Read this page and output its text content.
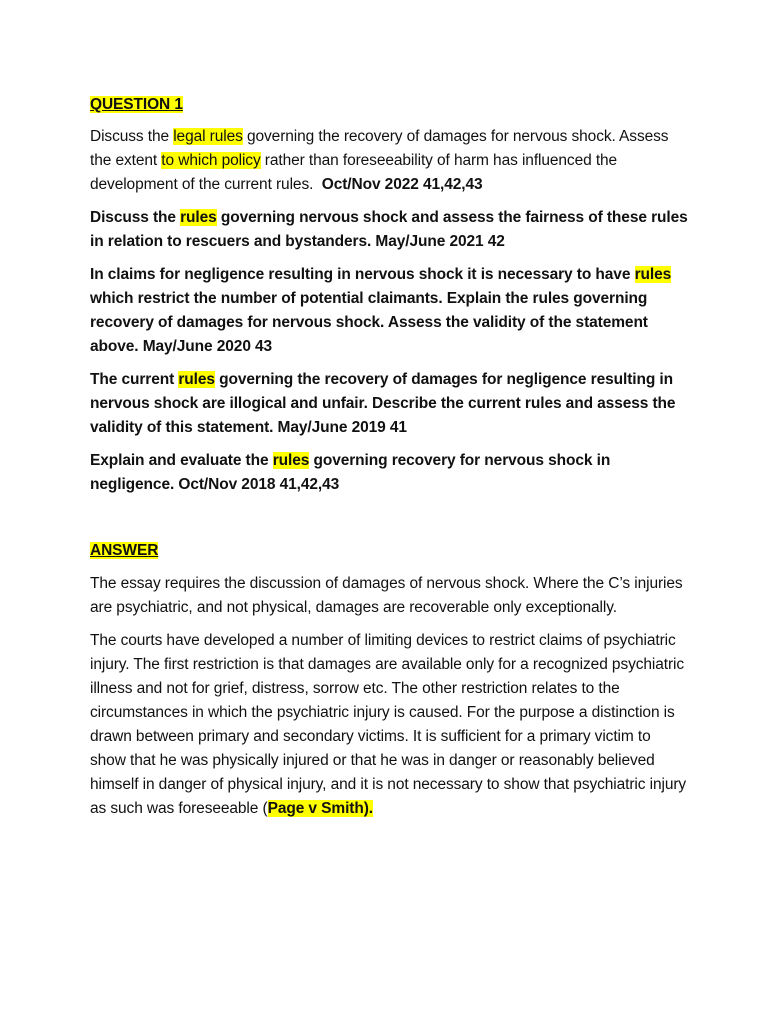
QUESTION 1

Discuss the legal rules governing the recovery of damages for nervous shock. Assess the extent to which policy rather than foreseeability of harm has influenced the development of the current rules. Oct/Nov 2022 41,42,43

Discuss the rules governing nervous shock and assess the fairness of these rules in relation to rescuers and bystanders. May/June 2021 42

In claims for negligence resulting in nervous shock it is necessary to have rules which restrict the number of potential claimants. Explain the rules governing recovery of damages for nervous shock. Assess the validity of the statement above. May/June 2020 43

The current rules governing the recovery of damages for negligence resulting in nervous shock are illogical and unfair. Describe the current rules and assess the validity of this statement. May/June 2019 41

Explain and evaluate the rules governing recovery for nervous shock in negligence. Oct/Nov 2018 41,42,43

ANSWER

The essay requires the discussion of damages of nervous shock. Where the C’s injuries are psychiatric, and not physical, damages are recoverable only exceptionally.

The courts have developed a number of limiting devices to restrict claims of psychiatric injury. The first restriction is that damages are available only for a recognized psychiatric illness and not for grief, distress, sorrow etc. The other restriction relates to the circumstances in which the psychiatric injury is caused. For the purpose a distinction is drawn between primary and secondary victims. It is sufficient for a primary victim to show that he was physically injured or that he was in danger or reasonably believed himself in danger of physical injury, and it is not necessary to show that psychiatric injury as such was foreseeable (Page v Smith).
